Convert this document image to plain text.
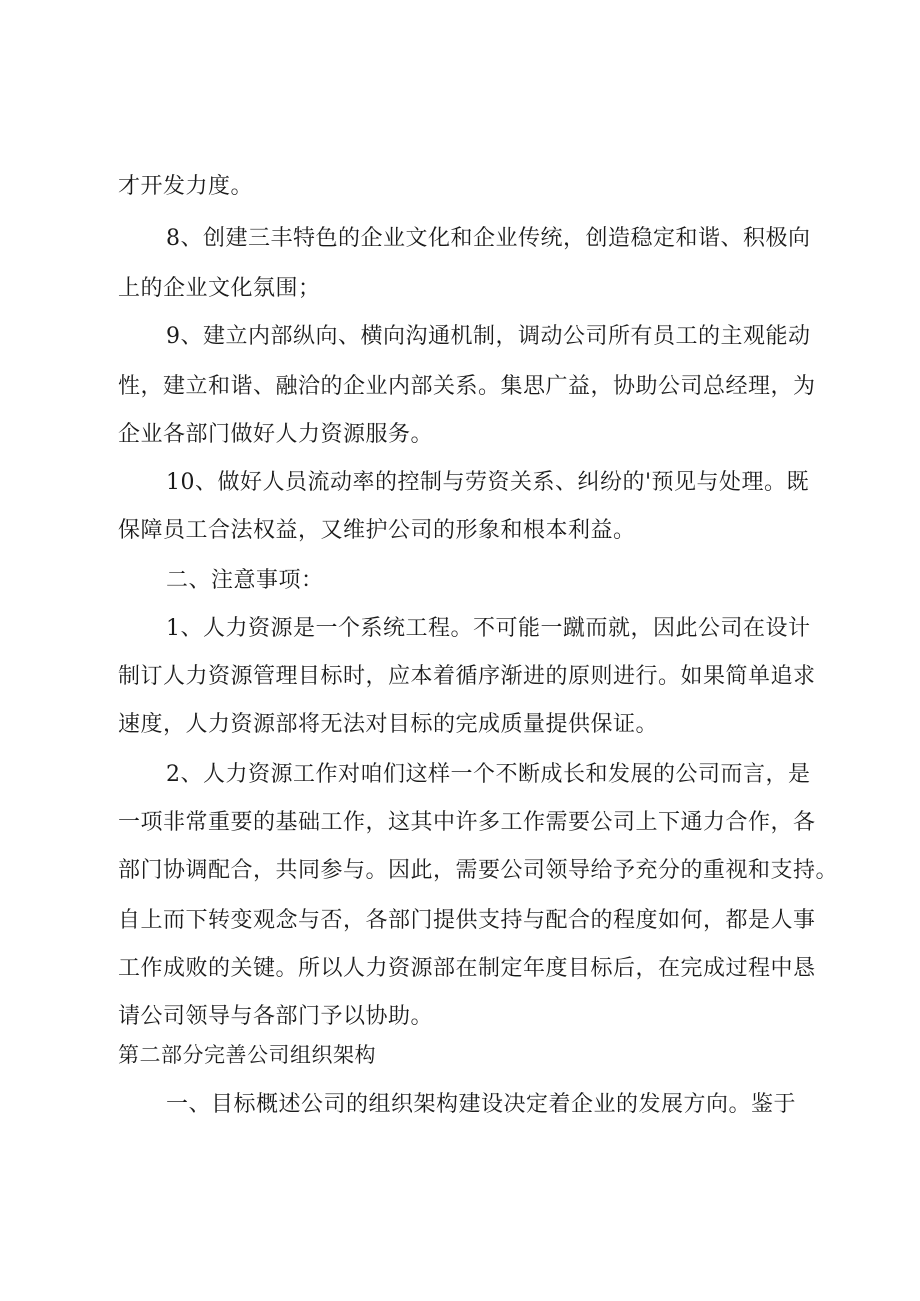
才开发力度。
8、创建三丰特色的企业文化和企业传统，创造稳定和谐、积极向
上的企业文化氛围；
9、建立内部纵向、横向沟通机制，调动公司所有员工的主观能动
性，建立和谐、融洽的企业内部关系。集思广益，协助公司总经理，为
企业各部门做好人力资源服务。
10、做好人员流动率的控制与劳资关系、纠纷的'预见与处理。既
保障员工合法权益，又维护公司的形象和根本利益。
二、注意事项：
1、人力资源是一个系统工程。不可能一蹴而就，因此公司在设计
制订人力资源管理目标时，应本着循序渐进的原则进行。如果简单追求
速度，人力资源部将无法对目标的完成质量提供保证。
2、人力资源工作对咱们这样一个不断成长和发展的公司而言，是
一项非常重要的基础工作，这其中许多工作需要公司上下通力合作，各
部门协调配合，共同参与。因此，需要公司领导给予充分的重视和支持。
自上而下转变观念与否，各部门提供支持与配合的程度如何，都是人事
工作成败的关键。所以人力资源部在制定年度目标后，在完成过程中恳
请公司领导与各部门予以协助。
第二部分完善公司组织架构
一、目标概述公司的组织架构建设决定着企业的发展方向。鉴于
